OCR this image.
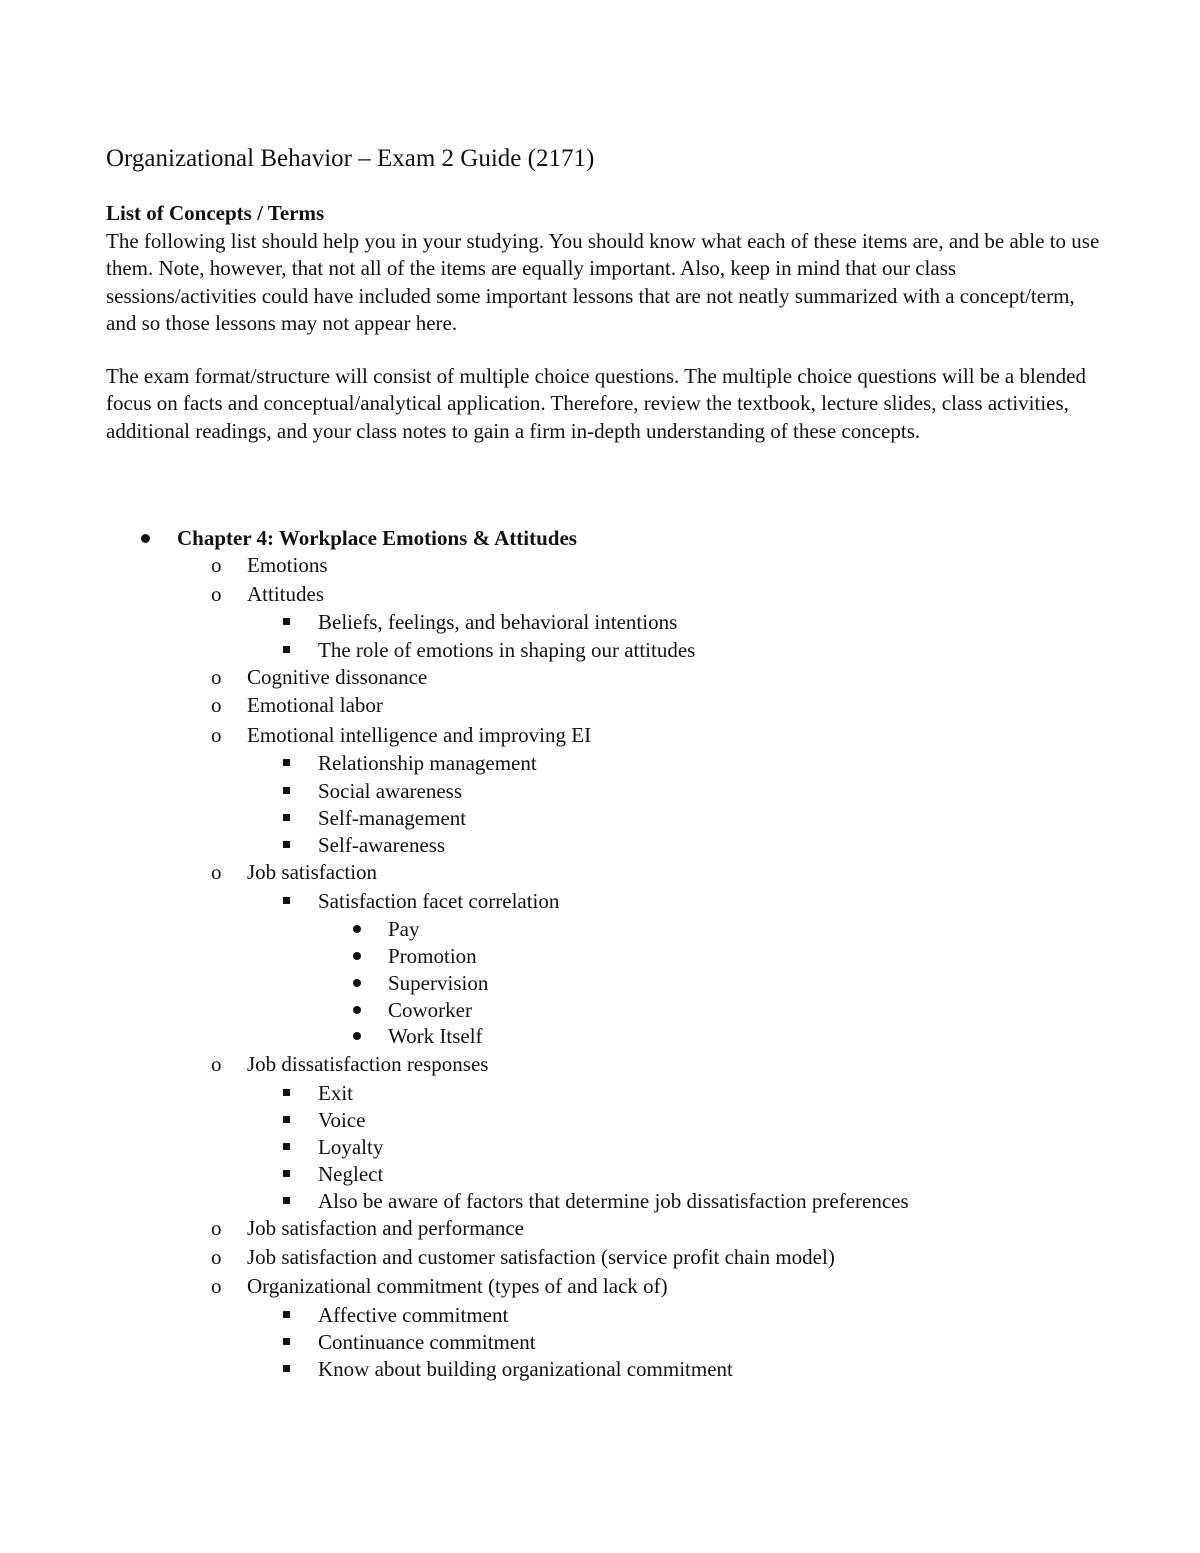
Organizational Behavior – Exam 2 Guide (2171)
List of Concepts / Terms

The following list should help you in your studying. You should know what each of these items are, and be able to use them. Note, however, that not all of the items are equally important. Also, keep in mind that our class sessions/activities could have included some important lessons that are not neatly summarized with a concept/term, and so those lessons may not appear here.

The exam format/structure will consist of multiple choice questions. The multiple choice questions will be a blended focus on facts and conceptual/analytical application. Therefore, review the textbook, lecture slides, class activities, additional readings, and your class notes to gain a firm in-depth understanding of these concepts.

Chapter 4: Workplace Emotions & Attitudes
o Emotions
o Attitudes
Beliefs, feelings, and behavioral intentions
The role of emotions in shaping our attitudes
o Cognitive dissonance
o Emotional labor
o Emotional intelligence and improving EI
Relationship management
Social awareness
Self-management
Self-awareness
o Job satisfaction
Satisfaction facet correlation
Pay
Promotion
Supervision
Coworker
Work Itself
o Job dissatisfaction responses
Exit
Voice
Loyalty
Neglect
Also be aware of factors that determine job dissatisfaction preferences
o Job satisfaction and performance
o Job satisfaction and customer satisfaction (service profit chain model)
o Organizational commitment (types of and lack of)
Affective commitment
Continuance commitment
Know about building organizational commitment
